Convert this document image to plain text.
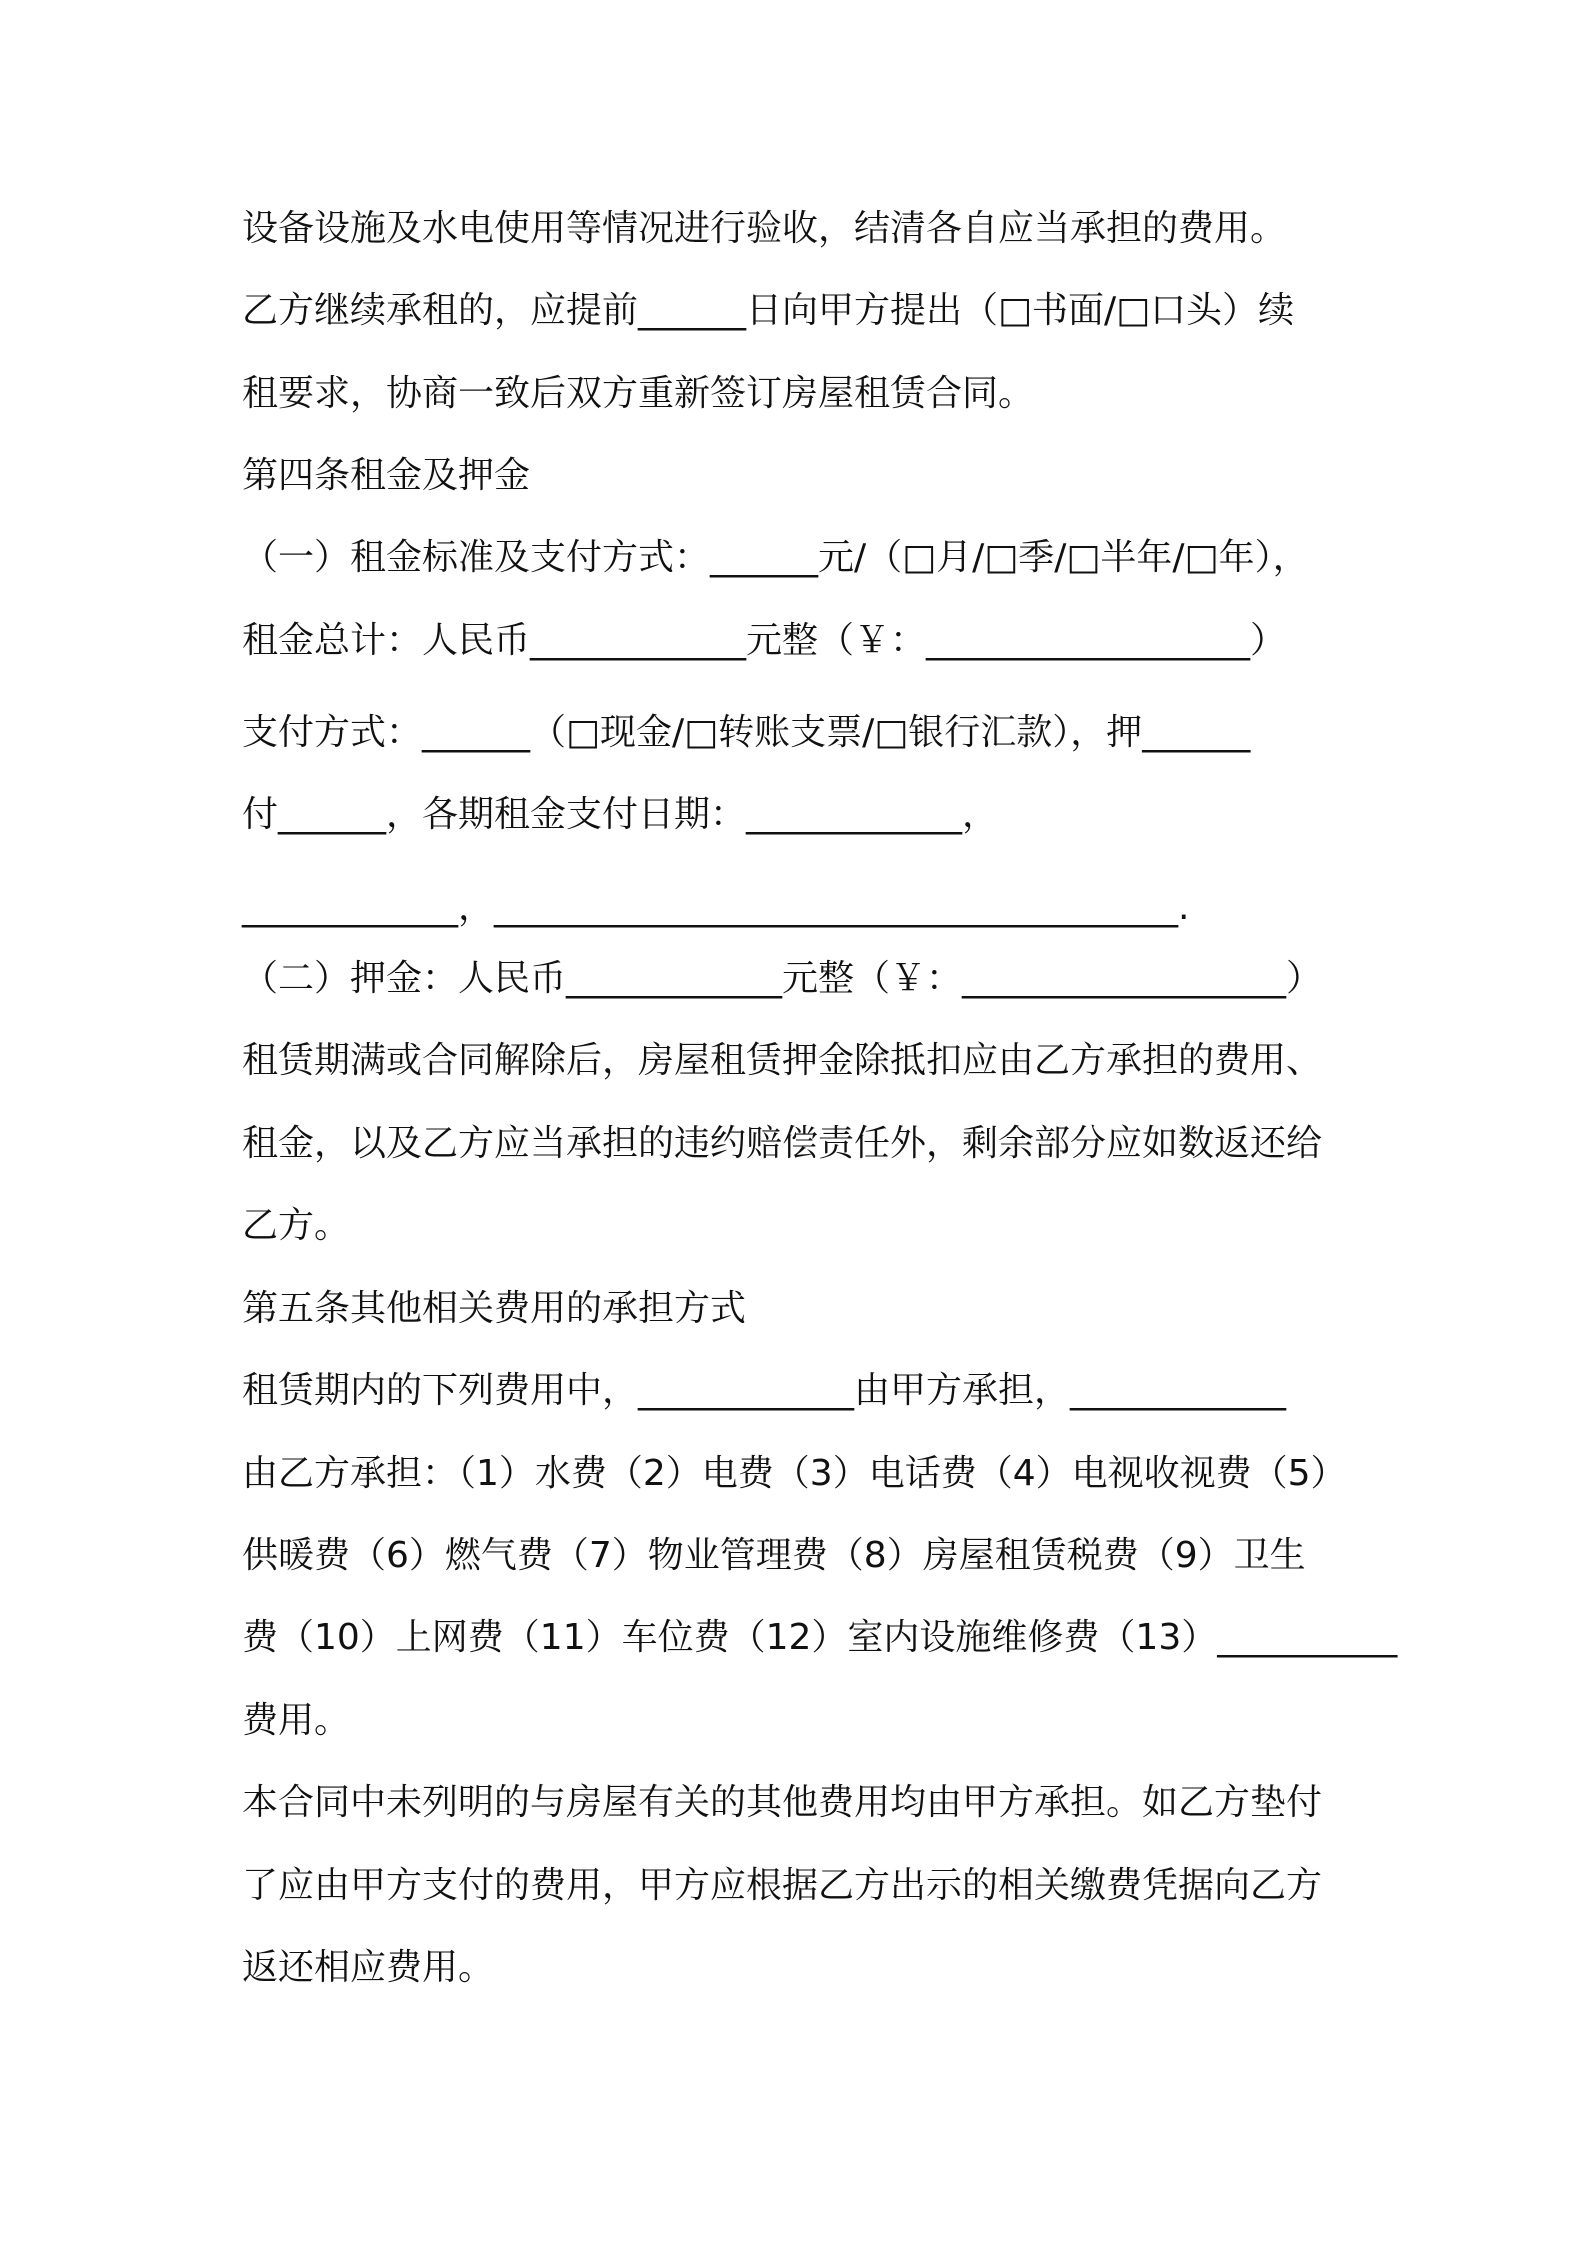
设备设施及水电使用等情况进行验收，结清各自应当承担的费用。
乙方继续承租的，应提前______日向甲方提出（□书面/□口头）续
租要求，协商一致后双方重新签订房屋租赁合同。
第四条租金及押金
（一）租金标准及支付方式：______元/（□月/□季/□半年/□年），
租金总计：人民币____________元整（￥：__________________）
支付方式：______（□现金/□转账支票/□银行汇款），押______
付______，各期租金支付日期：____________，
____________，______________________________________.
（二）押金：人民币____________元整（￥：__________________）
租赁期满或合同解除后，房屋租赁押金除抵扣应由乙方承担的费用、
租金，以及乙方应当承担的违约赔偿责任外，剩余部分应如数返还给
乙方。
第五条其他相关费用的承担方式
租赁期内的下列费用中，____________由甲方承担，____________
由乙方承担：（1）水费（2）电费（3）电话费（4）电视收视费（5）
供暖费（6）燃气费（7）物业管理费（8）房屋租赁税费（9）卫生
费（10）上网费（11）车位费（12）室内设施维修费（13）__________
费用。
本合同中未列明的与房屋有关的其他费用均由甲方承担。如乙方垫付
了应由甲方支付的费用，甲方应根据乙方出示的相关缴费凭据向乙方
返还相应费用。
